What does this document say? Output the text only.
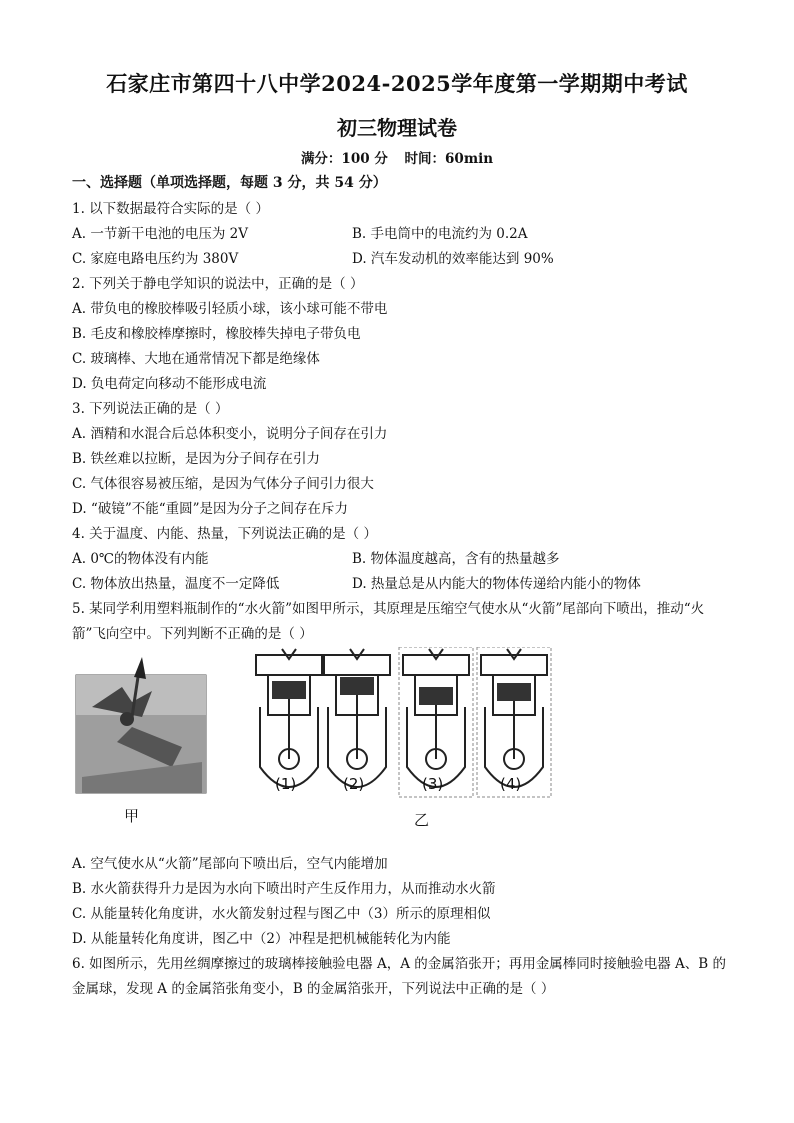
石家庄市第四十八中学2024-2025学年度第一学期期中考试
初三物理试卷
满分：100 分 时间：60min
一、选择题（单项选择题，每题 3 分，共 54 分）
1. 以下数据最符合实际的是（ ）
A. 一节新干电池的电压为 2V	B. 手电筒中的电流约为 0.2A
C. 家庭电路电压约为 380V	D. 汽车发动机的效率能达到 90%
2. 下列关于静电学知识的说法中，正确的是（ ）
A. 带负电的橡胶棒吸引轻质小球，该小球可能不带电
B. 毛皮和橡胶棒摩擦时，橡胶棒失掉电子带负电
C. 玻璃棒、大地在通常情况下都是绝缘体
D. 负电荷定向移动不能形成电流
3. 下列说法正确的是（ ）
A. 酒精和水混合后总体积变小，说明分子间存在引力
B. 铁丝难以拉断，是因为分子间存在引力
C. 气体很容易被压缩，是因为气体分子间引力很大
D. “破镜”不能“重圆”是因为分子之间存在斥力
4. 关于温度、内能、热量，下列说法正确的是（ ）
A. 0℃的物体没有内能	B. 物体温度越高，含有的热量越多
C. 物体放出热量，温度不一定降低	D. 热量总是从内能大的物体传递给内能小的物体
5. 某同学利用塑料瓶制作的“水火箭”如图甲所示，其原理是压缩空气使水从“火箭”尾部向下喷出，推动“火箭”飞向空中。下列判断不正确的是（ ）
(1)	(2)	(3)	(4)
甲	乙
A. 空气使水从“火箭”尾部向下喷出后，空气内能增加
B. 水火箭获得升力是因为水向下喷出时产生反作用力，从而推动水火箭
C. 从能量转化角度讲，水火箭发射过程与图乙中（3）所示的原理相似
D. 从能量转化角度讲，图乙中（2）冲程是把机械能转化为内能
6. 如图所示，先用丝绸摩擦过的玻璃棒接触验电器 A，A 的金属箔张开；再用金属棒同时接触验电器 A、B 的金属球，发现 A 的金属箔张角变小，B 的金属箔张开，下列说法中正确的是（ ）
